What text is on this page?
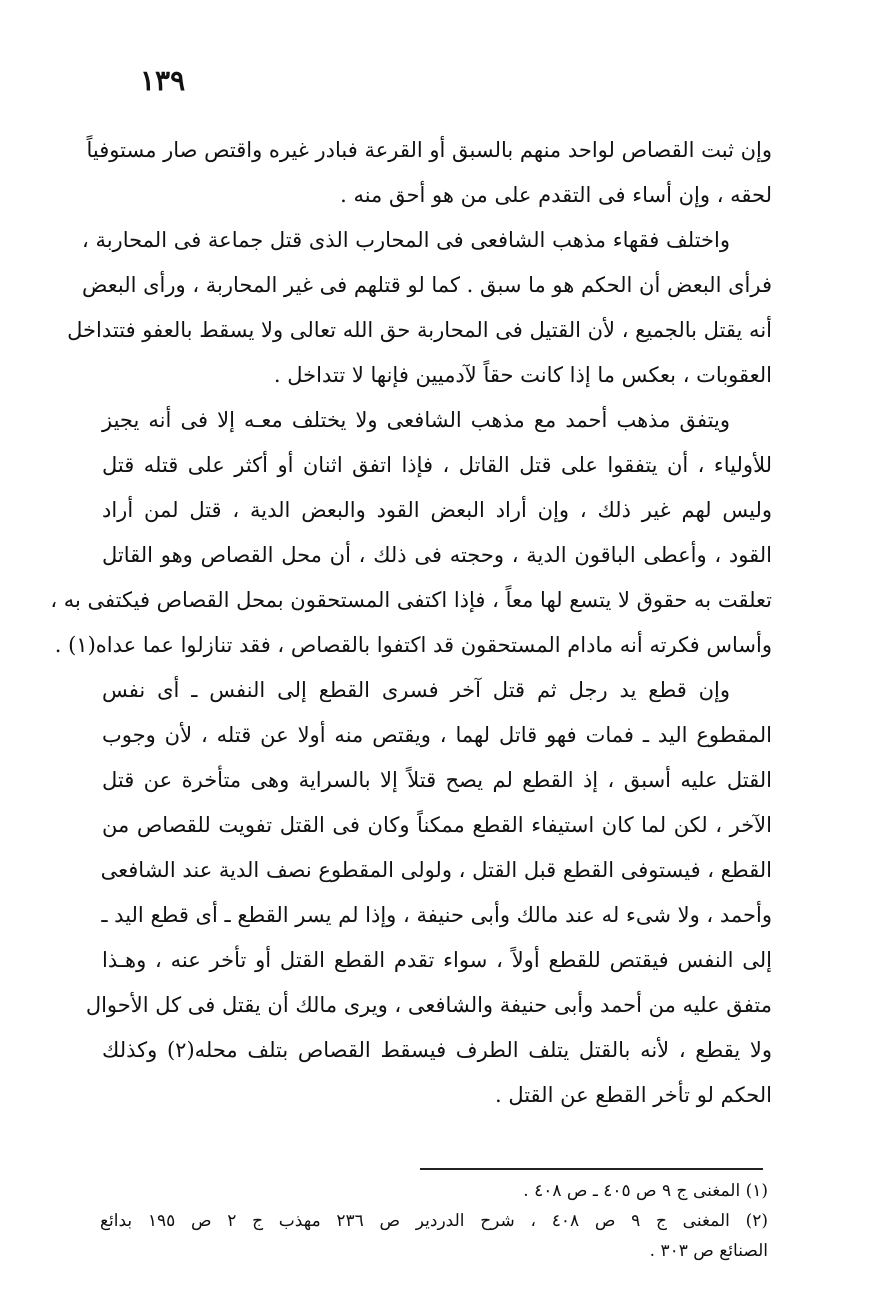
١٣٩
وإن ثبت القصاص لواحد منهم بالسبق أو القرعة فبادر غيره واقتص صار مستوفياً
لحقه ، وإن أساء فى التقدم على من هو أحق منه .
واختلف فقهاء مذهب الشافعى فى المحارب الذى قتل جماعة فى المحاربة ،
فرأى البعض أن الحكم هو ما سبق . كما لو قتلهم فى غير المحاربة ، ورأى البعض
أنه يقتل بالجميع ، لأن القتيل فى المحاربة حق الله تعالى ولا يسقط بالعفو فتتداخل
العقوبات ، بعكس ما إذا كانت حقاً لآدميين فإنها لا تتداخل .
ويتفق مذهب أحمد مع مذهب الشافعى ولا يختلف معـه إلا فى أنه يجيز
للأولياء ، أن يتفقوا على قتل القاتل ، فإذا اتفق اثنان أو أكثر على قتله قتل
وليس لهم غير ذلك ، وإن أراد البعض القود والبعض الدية ، قتل لمن أراد
القود ، وأعطى الباقون الدية ، وحجته فى ذلك ، أن محل القصاص وهو القاتل
تعلقت به حقوق لا يتسع لها معاً ، فإذا اكتفى المستحقون بمحل القصاص فيكتفى به ،
وأساس فكرته أنه مادام المستحقون قد اكتفوا بالقصاص ، فقد تنازلوا عما عداه(١) .
وإن قطع يد رجل ثم قتل آخر فسرى القطع إلى النفس ـ أى نفس
المقطوع اليد ـ فمات فهو قاتل لهما ، ويقتص منه أولا عن قتله ، لأن وجوب
القتل عليه أسبق ، إذ القطع لم يصح قتلاً إلا بالسراية وهى متأخرة عن قتل
الآخر ، لكن لما كان استيفاء القطع ممكناً وكان فى القتل تفويت للقصاص من
القطع ، فيستوفى القطع قبل القتل ، ولولى المقطوع نصف الدية عند الشافعى
وأحمد ، ولا شىء له عند مالك وأبى حنيفة ، وإذا لم يسر القطع ـ أى قطع اليد ـ
إلى النفس فيقتص للقطع أولاً ، سواء تقدم القطع القتل أو تأخر عنه ، وهـذا
متفق عليه من أحمد وأبى حنيفة والشافعى ، ويرى مالك أن يقتل فى كل الأحوال
ولا يقطع ، لأنه بالقتل يتلف الطرف فيسقط القصاص بتلف محله(٢) وكذلك
الحكم لو تأخر القطع عن القتل .
(١) المغنى ج ٩ ص ٤٠٥ ـ ص ٤٠٨ .
(٢) المغنى ج ٩ ص ٤٠٨ ، شرح الدردير ص ٢٣٦ مهذب ج ٢ ص ١٩٥ بدائع
الصنائع ص ٣٠٣ .
